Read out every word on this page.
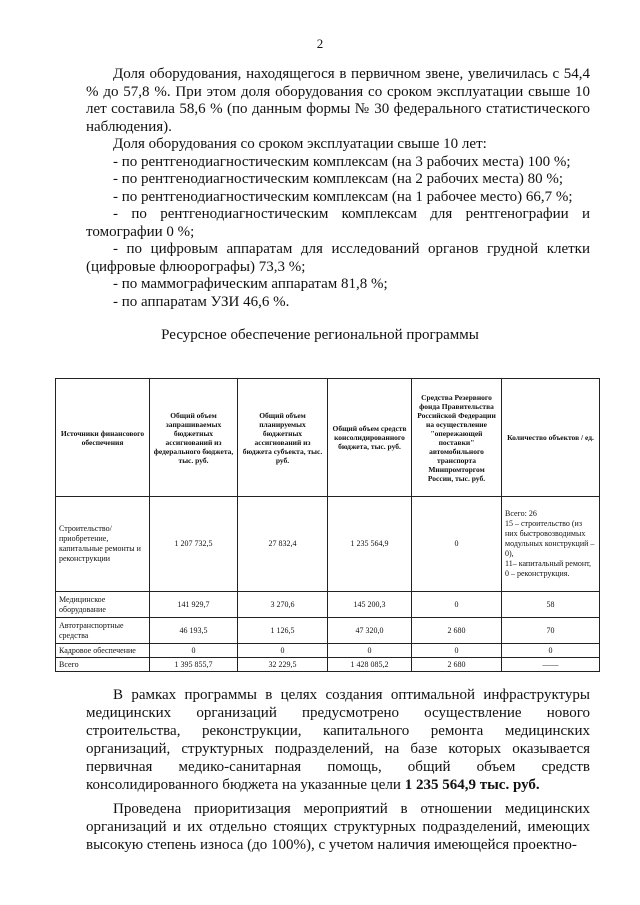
2

Доля оборудования, находящегося в первичном звене, увеличилась с 54,4 % до 57,8 %. При этом доля оборудования со сроком эксплуатации свыше 10 лет составила 58,6 % (по данным формы № 30 федерального статистического наблюдения).

Доля оборудования со сроком эксплуатации свыше 10 лет:

- по рентгенодиагностическим комплексам (на 3 рабочих места) 100 %;

- по рентгенодиагностическим комплексам (на 2 рабочих места) 80 %;

- по рентгенодиагностическим комплексам (на 1 рабочее место) 66,7 %;

- по рентгенодиагностическим комплексам для рентгенографии и томографии 0 %;

- по цифровым аппаратам для исследований органов грудной клетки (цифровые флюорографы) 73,3 %;

- по маммографическим аппаратам 81,8 %;

- по аппаратам УЗИ 46,6 %.

Ресурсное обеспечение региональной программы
Источники финансового обеспечения	Общий объем запрашиваемых бюджетных ассигнований из федерального бюджета, тыс. руб.	Общий объем планируемых бюджетных ассигнований из бюджета субъекта, тыс. руб.	Общий объем средств консолидированного бюджета, тыс. руб.	Средства Резервного фонда Правительства Российской Федерации на осуществление "опережающей поставки" автомобильного транспорта Минпромторгом России, тыс. руб.	Количество объектов / ед.
Строительство/приобретение, капитальные ремонты и реконструкции	1 207 732,5	27 832,4	1 235 564,9	0	Всего: 26
15 – строительство (из них быстровозводимых модульных конструкций – 0),
11– капитальный ремонт,
0 – реконструкция.
Медицинское оборудование	141 929,7	3 270,6	145 200,3	0	58
Автотранспортные средства	46 193,5	1 126,5	47 320,0	2 680	70
Кадровое обеспечение	0	0	0	0	0
Всего	1 395 855,7	32 229,5	1 428 085,2	2 680	——

В рамках программы в целях создания оптимальной инфраструктуры медицинских организаций предусмотрено осуществление нового строительства, реконструкции, капитального ремонта медицинских организаций, структурных подразделений, на базе которых оказывается первичная медико-санитарная помощь, общий объем средств консолидированного бюджета на указанные цели 1 235 564,9 тыс. руб.

Проведена приоритизация мероприятий в отношении медицинских организаций и их отдельно стоящих структурных подразделений, имеющих высокую степень износа (до 100%), с учетом наличия имеющейся проектно-
